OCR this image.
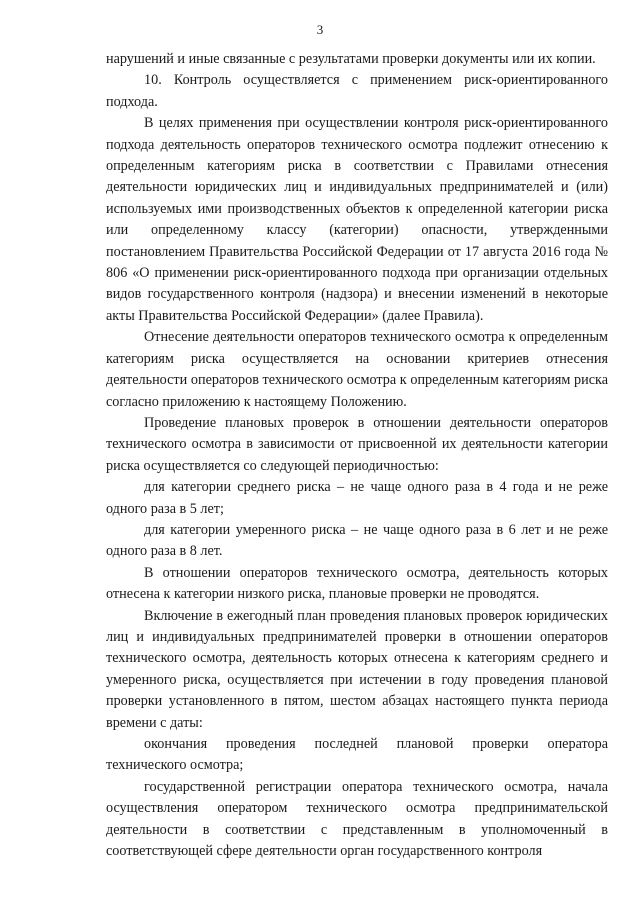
3

нарушений и иные связанные с результатами проверки документы или их копии.

10. Контроль осуществляется с применением риск-ориентированного подхода.

В целях применения при осуществлении контроля риск-ориентированного подхода деятельность операторов технического осмотра подлежит отнесению к определенным категориям риска в соответствии с Правилами отнесения деятельности юридических лиц и индивидуальных предпринимателей и (или) используемых ими производственных объектов к определенной категории риска или определенному классу (категории) опасности, утвержденными постановлением Правительства Российской Федерации от 17 августа 2016 года № 806 «О применении риск-ориентированного подхода при организации отдельных видов государственного контроля (надзора) и внесении изменений в некоторые акты Правительства Российской Федерации» (далее Правила).

Отнесение деятельности операторов технического осмотра к определенным категориям риска осуществляется на основании критериев отнесения деятельности операторов технического осмотра к определенным категориям риска согласно приложению к настоящему Положению.

Проведение плановых проверок в отношении деятельности операторов технического осмотра в зависимости от присвоенной их деятельности категории риска осуществляется со следующей периодичностью:

для категории среднего риска – не чаще одного раза в 4 года и не реже одного раза в 5 лет;

для категории умеренного риска – не чаще одного раза в 6 лет и не реже одного раза в 8 лет.

В отношении операторов технического осмотра, деятельность которых отнесена к категории низкого риска, плановые проверки не проводятся.

Включение в ежегодный план проведения плановых проверок юридических лиц и индивидуальных предпринимателей проверки в отношении операторов технического осмотра, деятельность которых отнесена к категориям среднего и умеренного риска, осуществляется при истечении в году проведения плановой проверки установленного в пятом, шестом абзацах настоящего пункта периода времени с даты:

окончания проведения последней плановой проверки оператора технического осмотра;

государственной регистрации оператора технического осмотра, начала осуществления оператором технического осмотра предпринимательской деятельности в соответствии с представленным в уполномоченный в соответствующей сфере деятельности орган государственного контроля
